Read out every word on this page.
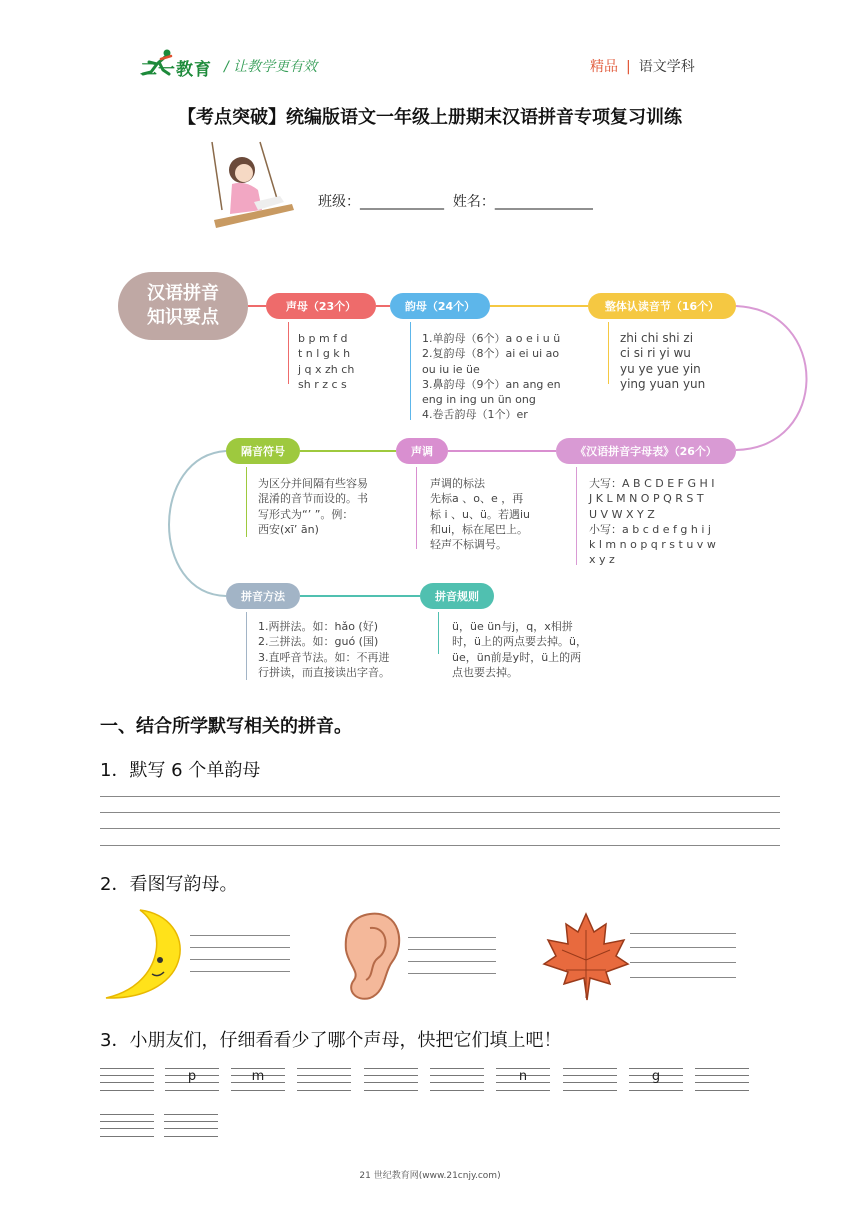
二一教育 / 让教学更有效	精品 | 语文学科
【考点突破】统编版语文一年级上册期末汉语拼音专项复习训练
班级：____________  姓名：______________
汉语拼音
知识要点
声母（23个）
b p m f d
t n l g k h
j q x zh ch
sh r z c s
韵母（24个）
1.单韵母（6个）a o e i u ü
2.复韵母（8个）ai ei ui ao
ou iu ie üe
3.鼻韵母（9个）an ang en
eng in ing un ün ong
4.卷舌韵母（1个）er
整体认读音节（16个）
zhi chi shi zi
ci si ri yi wu
yu ye yue yin
ying yuan yun
《汉语拼音字母表》（26个）
大写：A B C D E F G H I
J K L M N O P Q R S T
U V W X Y Z
小写：a b c d e f g h i j
k l m n o p q r s t u v w
x y z
声调
声调的标法
先标a 、o、e ，再
标 i 、u、ü。若遇iu
和ui，标在尾巴上。
轻声不标调号。
隔音符号
为区分并间隔有些容易
混淆的音节而设的。书
写形式为“’ ”。例：
西安(xī’ ān)
拼音方法
1.两拼法。如：hǎo (好)
2.三拼法。如：guó (国)
3.直呼音节法。如：不再进
行拼读，而直接读出字音。
拼音规则
ü，üe ün与j，q，x相拼
时，ü上的两点要去掉。ü，
üe，ün前是y时，ü上的两
点也要去掉。
一、结合所学默写相关的拼音。
1．默写 6 个单韵母
2．看图写韵母。
3．小朋友们，仔细看看少了哪个声母，快把它们填上吧！
p	m	n	g
21 世纪教育网(www.21cnjy.com)
